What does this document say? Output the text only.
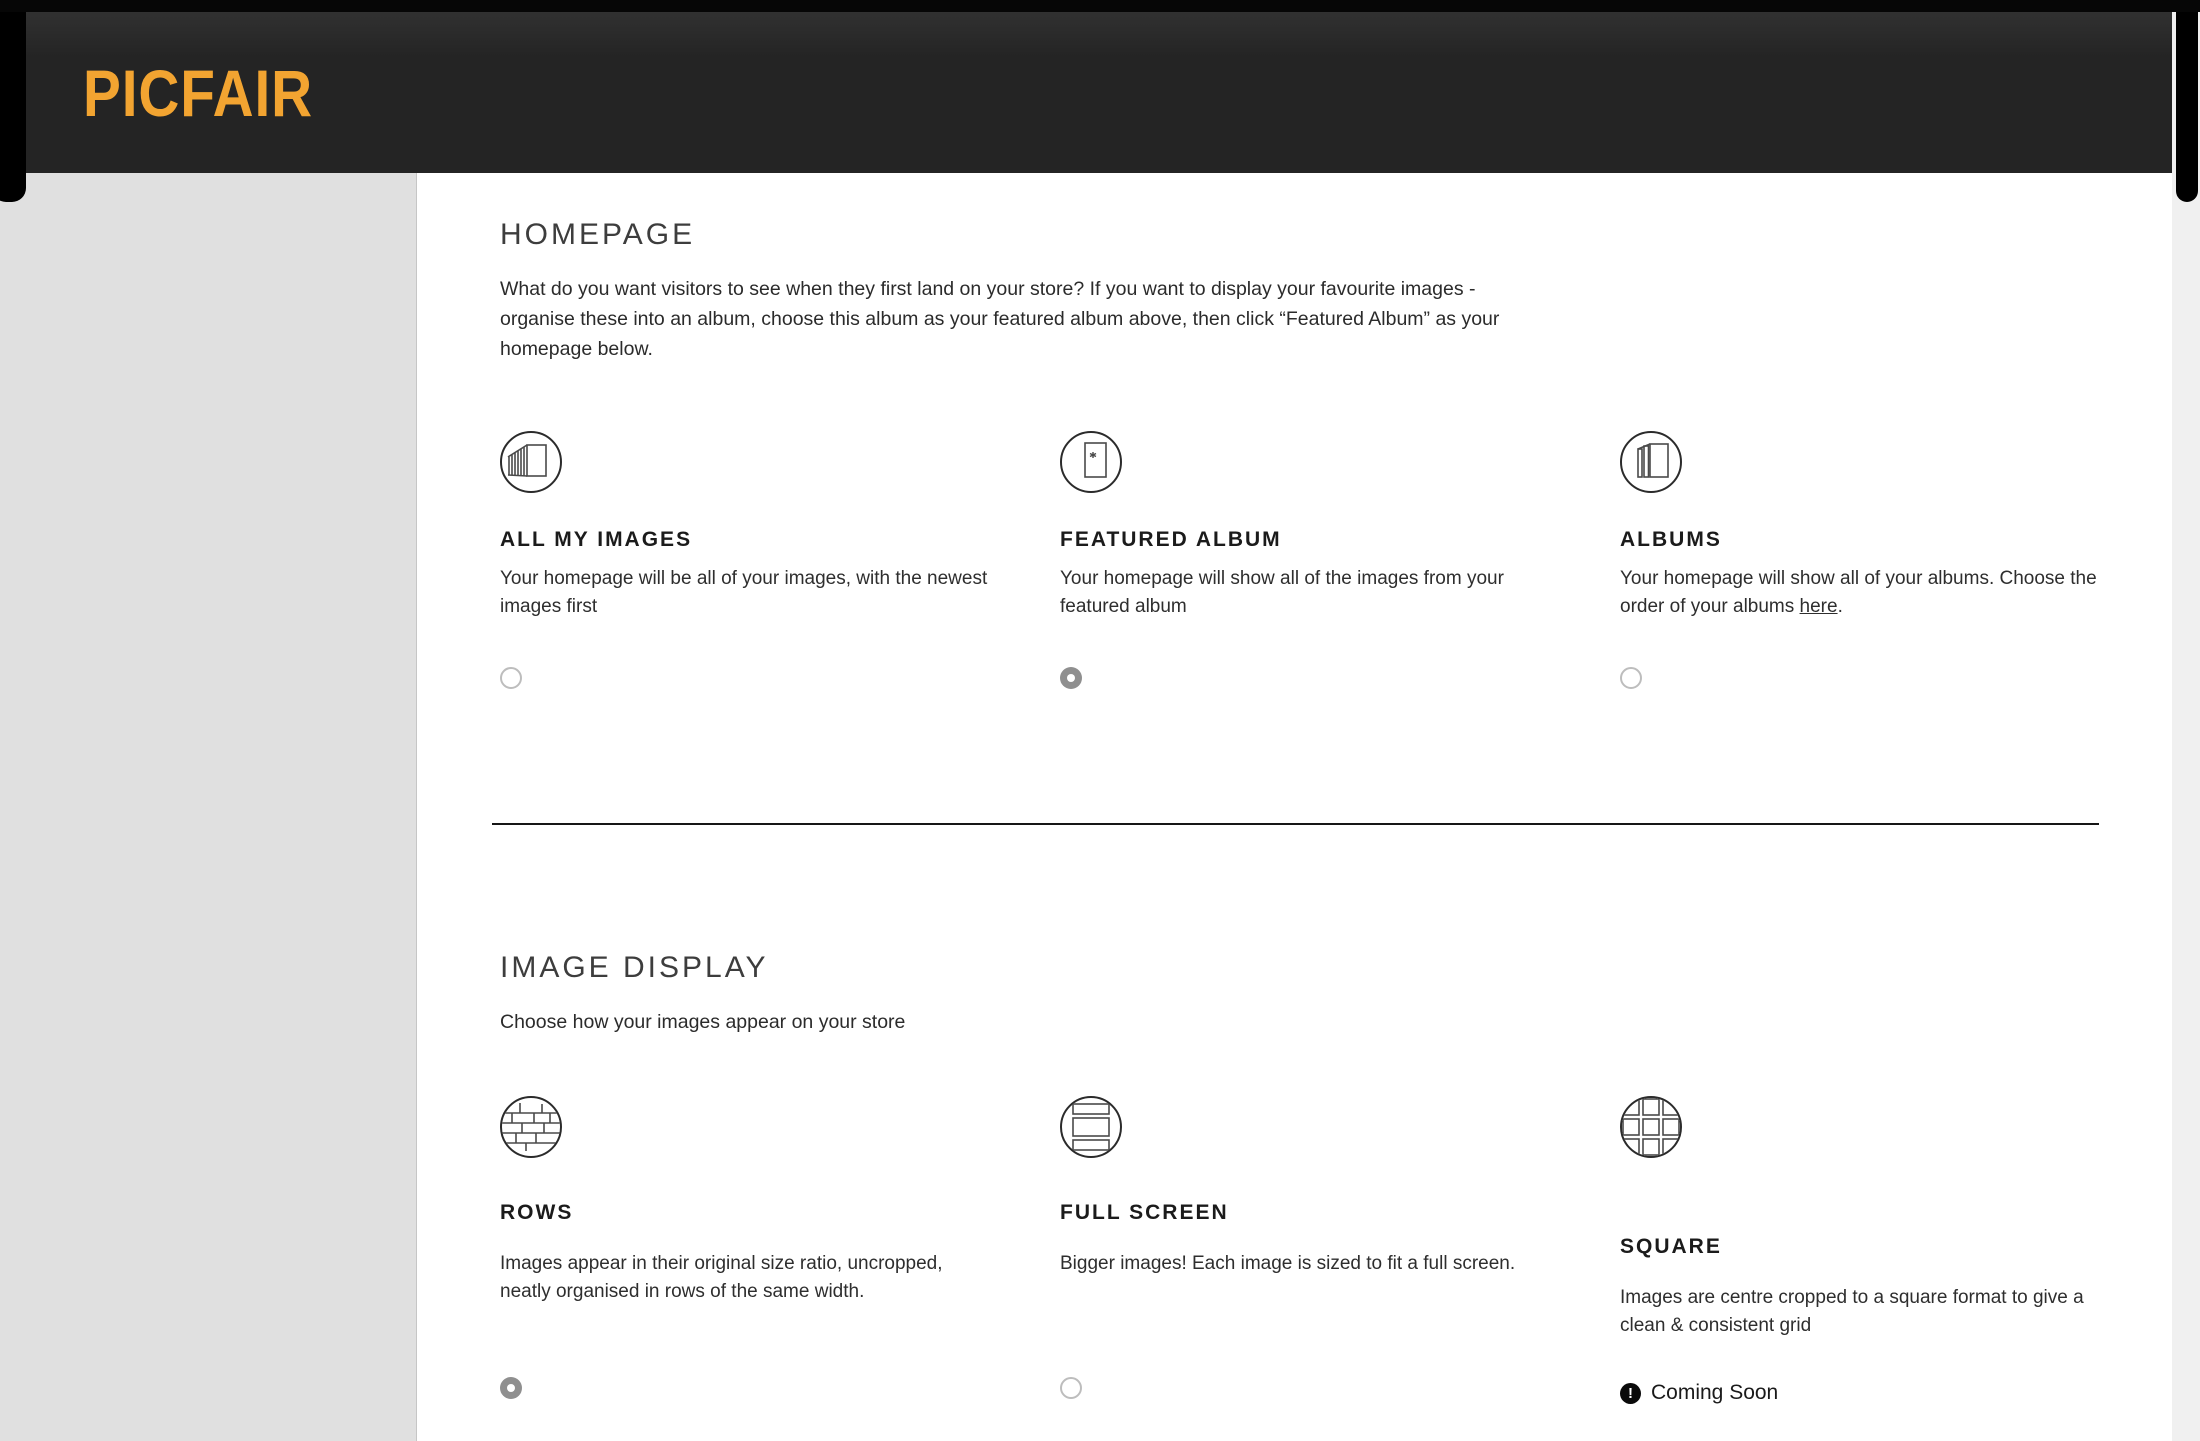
PICFAIR
HOMEPAGE

What do you want visitors to see when they first land on your store? If you want to display your favourite images - organise these into an album, choose this album as your featured album above, then click “Featured Album” as your homepage below.

ALL MY IMAGES
Your homepage will be all of your images, with the newest images first
FEATURED ALBUM
Your homepage will show all of the images from your featured album
ALBUMS
Your homepage will show all of your albums. Choose the order of your albums here.
IMAGE DISPLAY

Choose how your images appear on your store

ROWS
Images appear in their original size ratio, uncropped, neatly organised in rows of the same width.
FULL SCREEN
Bigger images! Each image is sized to fit a full screen.
SQUARE
Images are centre cropped to a square format to give a clean & consistent grid
! Coming Soon
